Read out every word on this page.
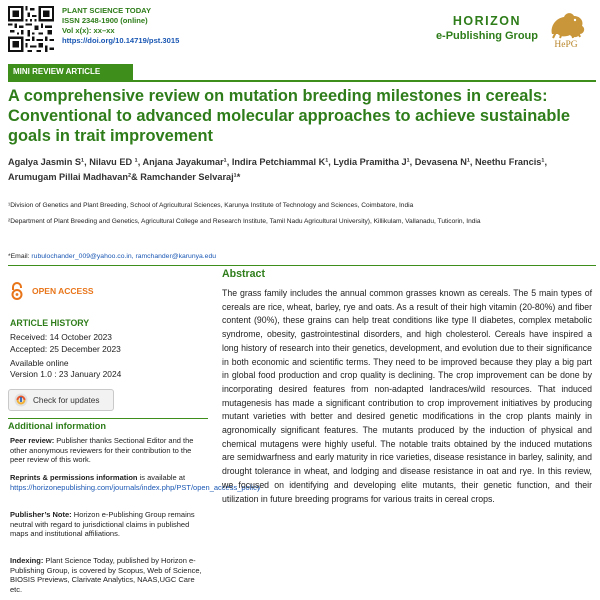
PLANT SCIENCE TODAY
ISSN 2348-1900 (online)
Vol x(x): xx–xx
https://doi.org/10.14719/pst.3015
HORIZON
e-Publishing Group
HePG
MINI REVIEW ARTICLE
A comprehensive review on mutation breeding milestones in cereals: Conventional to advanced molecular approaches to achieve sustainable goals in trait improvement
Agalya Jasmin S¹, Nilavu ED ¹, Anjana Jayakumar¹, Indira Petchiammal K¹, Lydia Pramitha J¹, Devasena N¹, Neethu Francis¹, Arumugam Pillai Madhavan²& Ramchander Selvaraj¹*
¹Division of Genetics and Plant Breeding, School of Agricultural Sciences, Karunya Institute of Technology and Sciences, Coimbatore, India
²Department of Plant Breeding and Genetics, Agricultural College and Research Institute, Tamil Nadu Agricultural University), Killikulam, Vallanadu, Tuticorin, India
*Email: rubulochander_009@yahoo.co.in, ramchander@karunya.edu
OPEN ACCESS
ARTICLE HISTORY
Received: 14 October 2023
Accepted: 25 December 2023
Available online
Version 1.0 : 23 January 2024
Check for updates
Additional information
Peer review: Publisher thanks Sectional Editor and the other anonymous reviewers for their contribution to the peer review of this work.
Reprints & permissions information is available at https://horizonepublishing.com/journals/index.php/PST/open_access_policy
Publisher’s Note: Horizon e-Publishing Group remains neutral with regard to jurisdictional claims in published maps and institutional affiliations.
Indexing: Plant Science Today, published by Horizon e-Publishing Group, is covered by Scopus, Web of Science, BIOSIS Previews, Clarivate Analytics, NAAS,UGC Care etc.
Abstract
The grass family includes the annual common grasses known as cereals. The 5 main types of cereals are rice, wheat, barley, rye and oats. As a result of their high vitamin (20-80%) and fiber content (90%), these grains can help treat conditions like type II diabetes, complex metabolic syndrome, obesity, gastrointestinal disorders, and high cholesterol. Cereals have inspired a long history of research into their genetics, development, and evolution due to their significance in both economic and scientific terms. They need to be improved because they play a big part in global food production and crop quality is declining. The crop improvement can be done by incorporating desired features from non-adapted landraces/wild resources. That induced mutagenesis has made a significant contribution to crop improvement initiatives by producing mutant varieties with better and desired genetic modifications in the crop plants mainly in agronomically significant features. The mutants produced by the induction of physical and chemical mutagens were highly useful. The notable traits obtained by the induced mutations are semidwarfness and early maturity in rice varieties, disease resistance in barley, salinity, and drought tolerance in wheat, and lodging and disease resistance in oat and rye. In this review, we focused on identifying and developing elite mutants, their genetic function, and their utilization in future breeding programs for various traits in cereal crops.
